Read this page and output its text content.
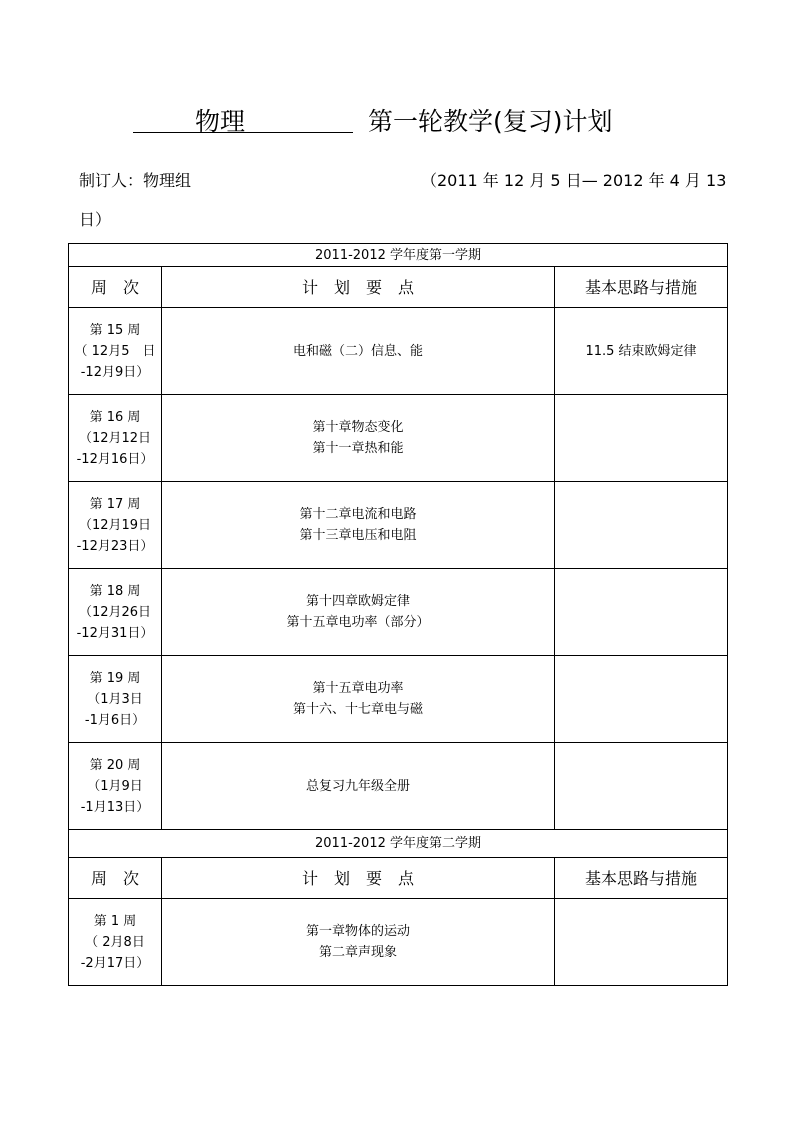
物理	第一轮教学(复习)计划
制订人：物理组	（2011 年 12 月 5 日— 2012 年 4 月 13
日）
2011-2012 学年度第一学期		
周　次	计　划　要　点	基本思路与措施

第 15 周
（ 12月5　日
-12月9日）	电和磁（二）信息、能	11.5 结束欧姆定律

第 16 周
（12月12日
-12月16日）	第十章物态变化
第十一章热和能	

第 17 周
（12月19日
-12月23日）	第十二章电流和电路
第十三章电压和电阻	

第 18 周
（12月26日
-12月31日）	第十四章欧姆定律
第十五章电功率（部分）	

第 19 周
（1月3日
-1月6日）	第十五章电功率
第十六、十七章电与磁	

第 20 周
（1月9日
-1月13日）	总复习九年级全册	

2011-2012 学年度第二学期		
周　次	计　划　要　点	基本思路与措施

第 1 周
（ 2月8日
-2月17日）	第一章物体的运动
第二章声现象	
